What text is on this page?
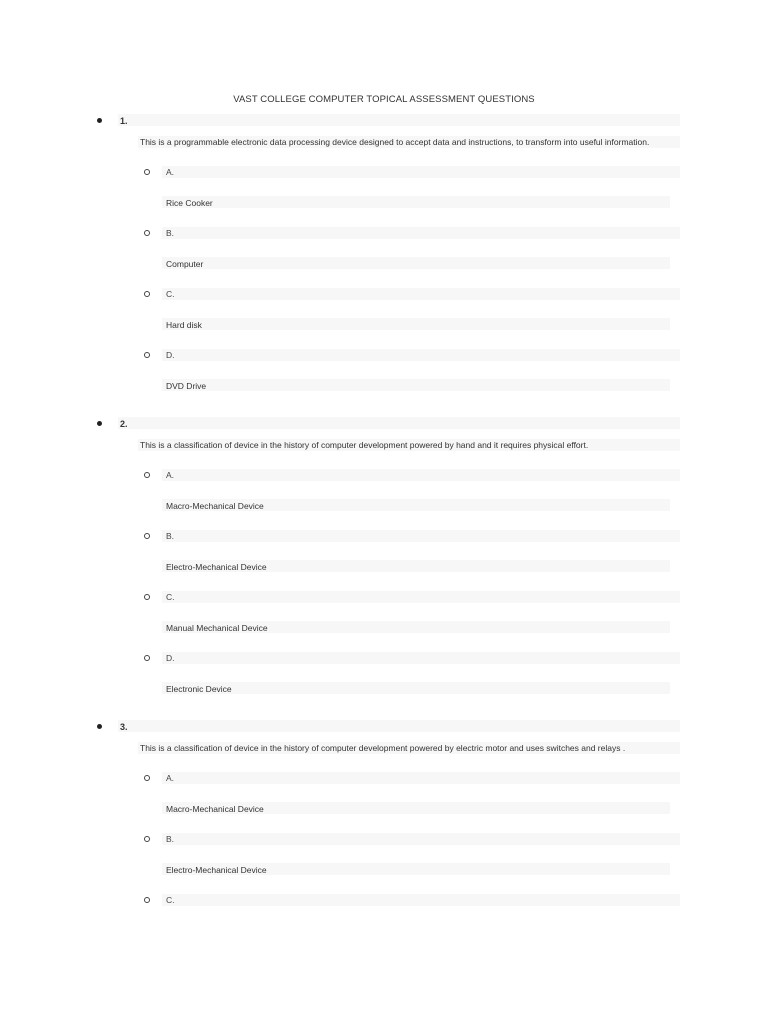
VAST COLLEGE COMPUTER TOPICAL ASSESSMENT QUESTIONS
1.
This is a programmable electronic data processing device designed to accept data and instructions, to transform into useful information.
A.
Rice Cooker
B.
Computer
C.
Hard disk
D.
DVD Drive
2.
This is a classification of device in the history of computer development powered by hand and it requires physical effort.
A.
Macro-Mechanical Device
B.
Electro-Mechanical Device
C.
Manual Mechanical Device
D.
Electronic Device
3.
This is a classification of device in the history of computer development powered by electric motor and uses switches and relays .
A.
Macro-Mechanical Device
B.
Electro-Mechanical Device
C.
